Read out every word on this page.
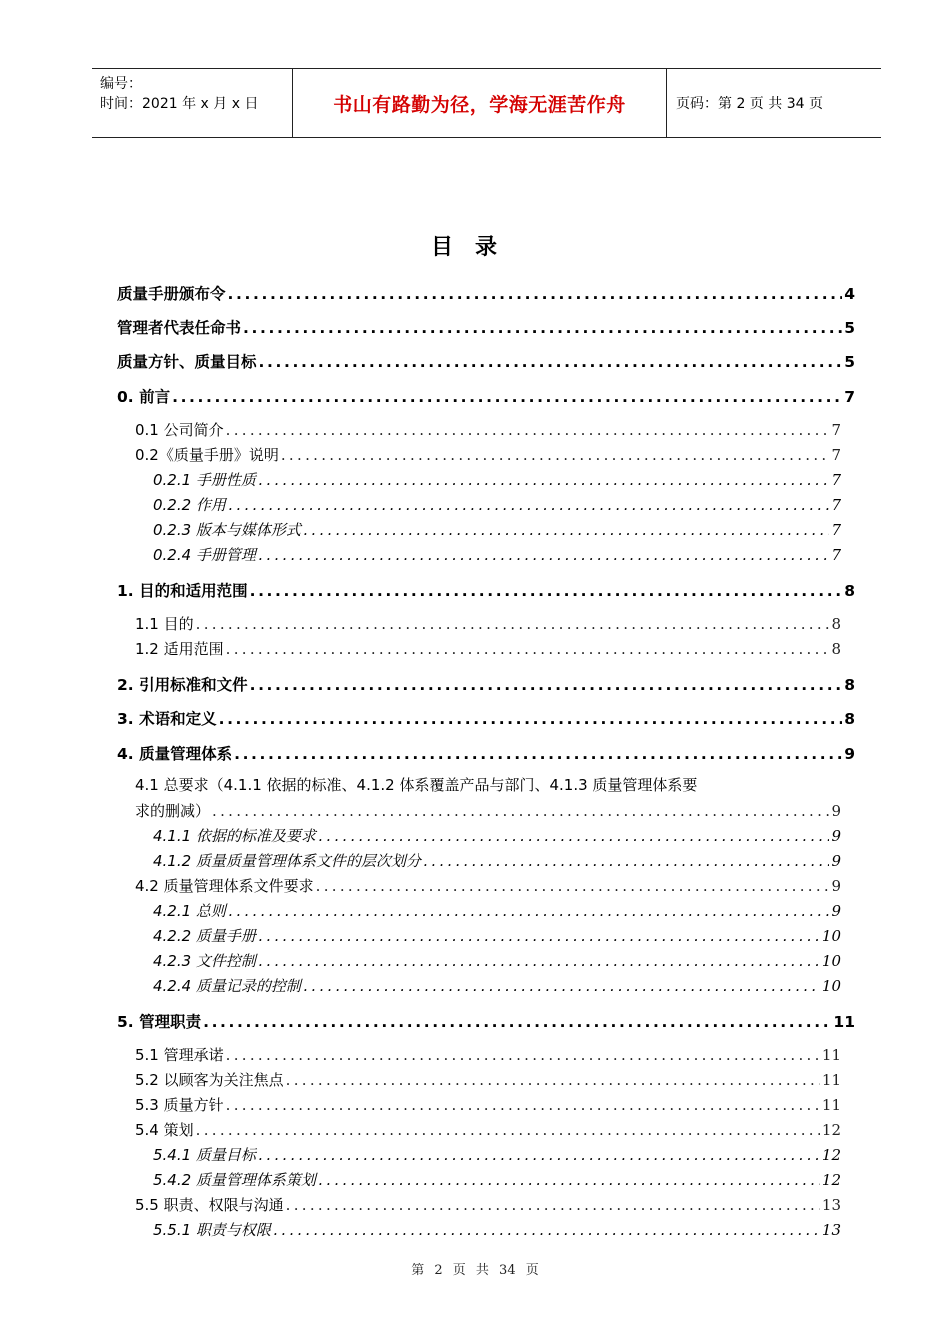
编号：
时间：2021 年 x 月 x 日	书山有路勤为径，学海无涯苦作舟	页码：第 2 页 共 34 页
目录
质量手册颁布令 .....	4
管理者代表任命书 .....	5
质量方针、质量目标 .....	5
0. 前言 .....	7
0.1 公司简介 .....	7
0.2《质量手册》说明 .....	7
0.2.1 手册性质 .....	7
0.2.2 作用 .....	7
0.2.3 版本与媒体形式 .....	7
0.2.4 手册管理 .....	7
1. 目的和适用范围 .....	8
1.1 目的 .....	8
1.2 适用范围 .....	8
2. 引用标准和文件 .....	8
3. 术语和定义 .....	8
4. 质量管理体系 .....	9
4.1 总要求（4.1.1 依据的标准、4.1.2 体系覆盖产品与部门、4.1.3 质量管理体系要
求的删减） .....	9
4.1.1 依据的标准及要求 .....	9
4.1.2 质量质量管理体系文件的层次划分 .....	9
4.2 质量管理体系文件要求 .....	9
4.2.1 总则 .....	9
4.2.2 质量手册 .....	10
4.2.3 文件控制 .....	10
4.2.4 质量记录的控制 .....	10
5. 管理职责 .....	11
5.1 管理承诺 .....	11
5.2 以顾客为关注焦点 .....	11
5.3 质量方针 .....	11
5.4 策划 .....	12
5.4.1 质量目标 .....	12
5.4.2 质量管理体系策划 .....	12
5.5 职责、权限与沟通 .....	13
5.5.1 职责与权限 .....	13
第 2 页 共 34 页
